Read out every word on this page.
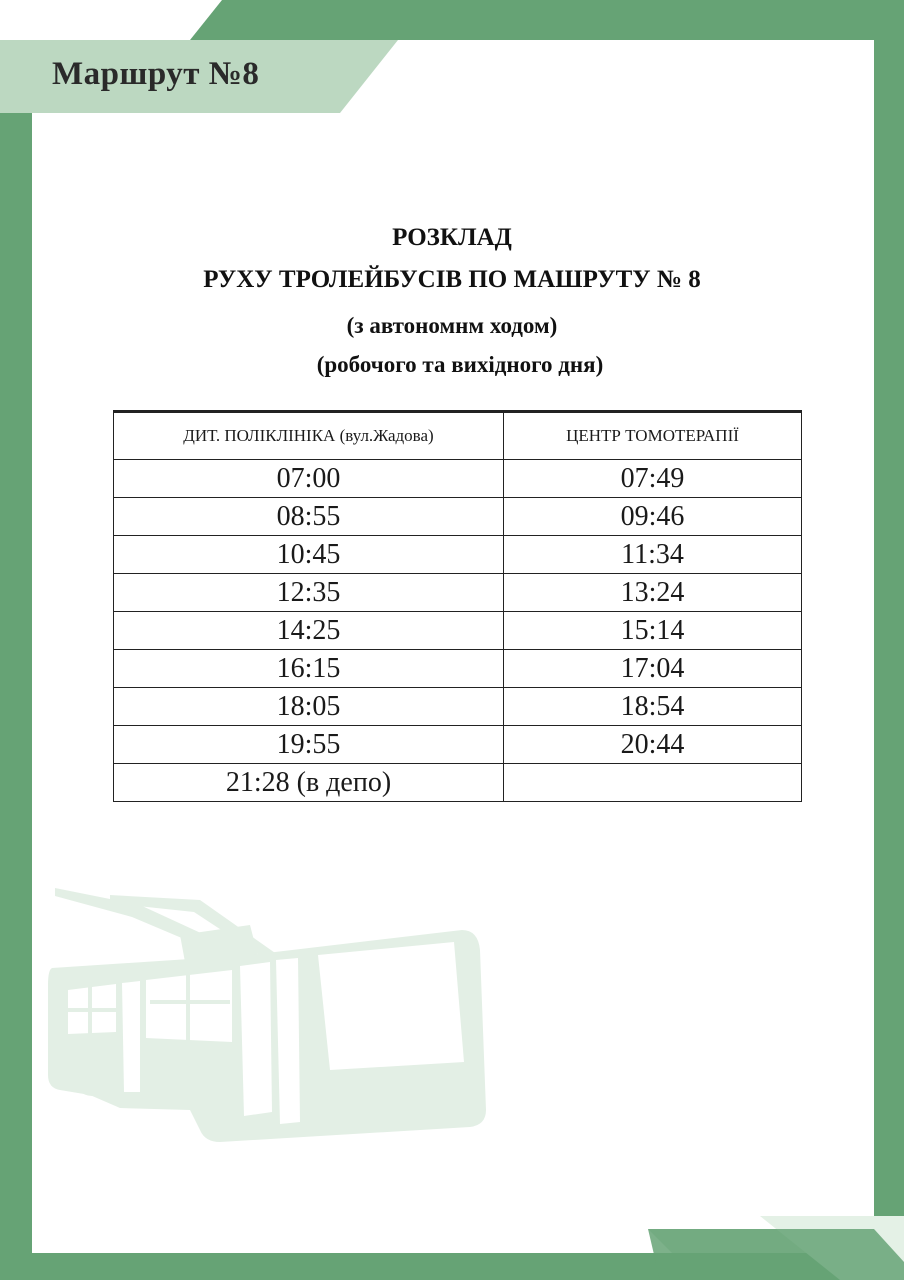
Маршрут №8
РОЗКЛАД
РУХУ ТРОЛЕЙБУСІВ ПО МАШРУТУ № 8
(з автономнм ходом)
(робочого та вихідного дня)
ДИТ. ПОЛІКЛІНІКА (вул.Жадова)	ЦЕНТР ТОМОТЕРАПІЇ
07:00	07:49
08:55	09:46
10:45	11:34
12:35	13:24
14:25	15:14
16:15	17:04
18:05	18:54
19:55	20:44
21:28 (в депо)	
